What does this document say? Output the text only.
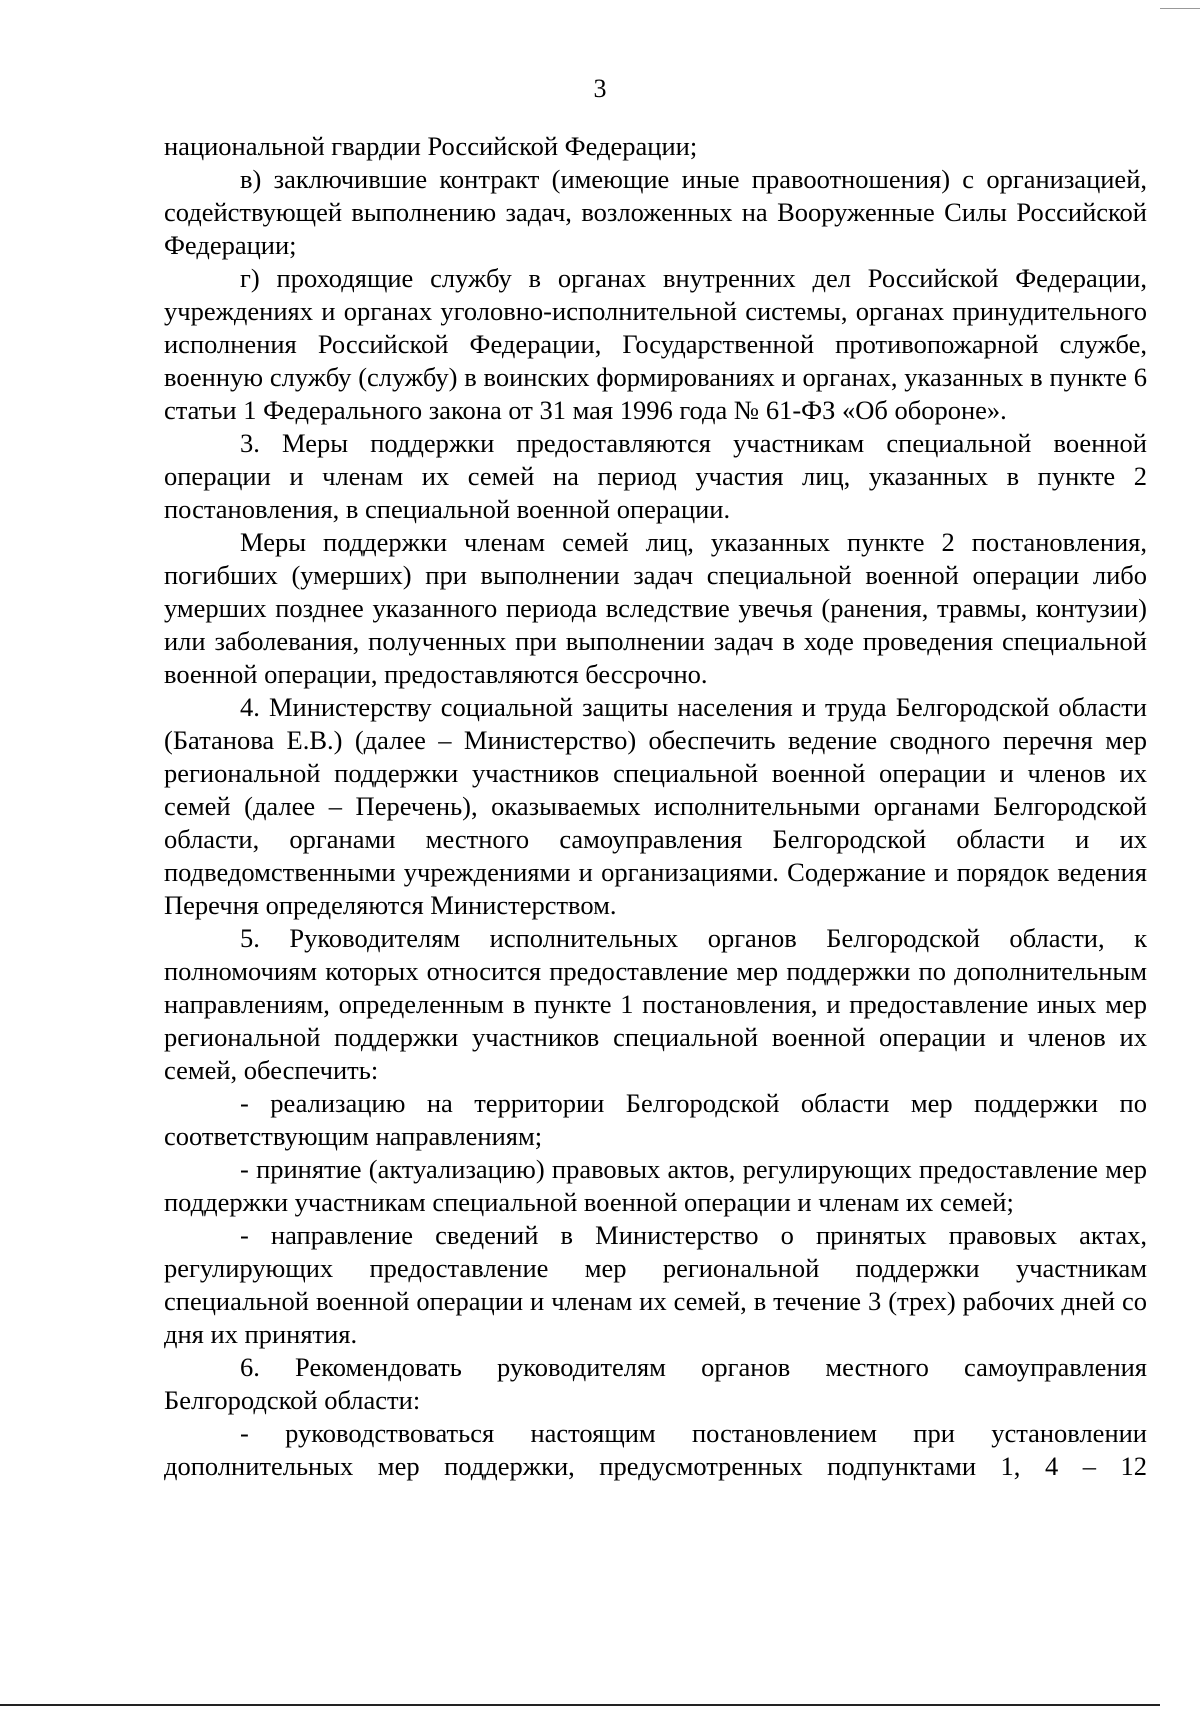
3

национальной гвардии Российской Федерации;

в) заключившие контракт (имеющие иные правоотношения) с организацией, содействующей выполнению задач, возложенных на Вооруженные Силы Российской Федерации;

г) проходящие службу в органах внутренних дел Российской Федерации, учреждениях и органах уголовно-исполнительной системы, органах принудительного исполнения Российской Федерации, Государственной противопожарной службе, военную службу (службу) в воинских формированиях и органах, указанных в пункте 6 статьи 1 Федерального закона от 31 мая 1996 года № 61-ФЗ «Об обороне».

3. Меры поддержки предоставляются участникам специальной военной операции и членам их семей на период участия лиц, указанных в пункте 2 постановления, в специальной военной операции.

Меры поддержки членам семей лиц, указанных пункте 2 постановления, погибших (умерших) при выполнении задач специальной военной операции либо умерших позднее указанного периода вследствие увечья (ранения, травмы, контузии) или заболевания, полученных при выполнении задач в ходе проведения специальной военной операции, предоставляются бессрочно.

4. Министерству социальной защиты населения и труда Белгородской области (Батанова Е.В.) (далее – Министерство) обеспечить ведение сводного перечня мер региональной поддержки участников специальной военной операции и членов их семей (далее – Перечень), оказываемых исполнительными органами Белгородской области, органами местного самоуправления Белгородской области и их подведомственными учреждениями и организациями. Содержание и порядок ведения Перечня определяются Министерством.

5. Руководителям исполнительных органов Белгородской области, к полномочиям которых относится предоставление мер поддержки по дополнительным направлениям, определенным в пункте 1 постановления, и предоставление иных мер региональной поддержки участников специальной военной операции и членов их семей, обеспечить:

- реализацию на территории Белгородской области мер поддержки по соответствующим направлениям;

- принятие (актуализацию) правовых актов, регулирующих предоставление мер поддержки участникам специальной военной операции и членам их семей;

- направление сведений в Министерство о принятых правовых актах, регулирующих предоставление мер региональной поддержки участникам специальной военной операции и членам их семей, в течение 3 (трех) рабочих дней со дня их принятия.

6. Рекомендовать руководителям органов местного самоуправления Белгородской области:

- руководствоваться настоящим постановлением при установлении дополнительных мер поддержки, предусмотренных подпунктами 1, 4 – 12
